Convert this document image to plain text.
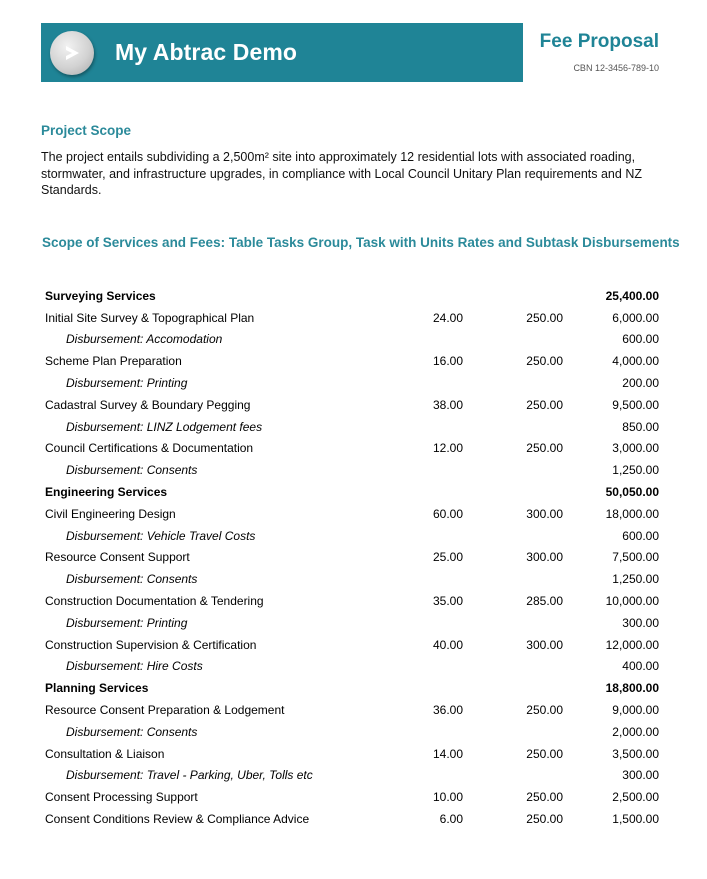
My Abtrac Demo	Fee Proposal
CBN 12-3456-789-10
Project Scope
The project entails subdividing a 2,500m² site into approximately 12 residential lots with associated roading, stormwater, and infrastructure upgrades, in compliance with Local Council Unitary Plan requirements and NZ Standards.
Scope of Services and Fees: Table Tasks Group, Task with Units Rates and Subtask Disbursements
Surveying Services			25,400.00
Initial Site Survey & Topographical Plan	24.00	250.00	6,000.00
Disbursement: Accomodation			600.00
Scheme Plan Preparation	16.00	250.00	4,000.00
Disbursement: Printing			200.00
Cadastral Survey & Boundary Pegging	38.00	250.00	9,500.00
Disbursement: LINZ Lodgement fees			850.00
Council Certifications & Documentation	12.00	250.00	3,000.00
Disbursement: Consents			1,250.00
Engineering Services			50,050.00
Civil Engineering Design	60.00	300.00	18,000.00
Disbursement: Vehicle Travel Costs			600.00
Resource Consent Support	25.00	300.00	7,500.00
Disbursement: Consents			1,250.00
Construction Documentation & Tendering	35.00	285.00	10,000.00
Disbursement: Printing			300.00
Construction Supervision & Certification	40.00	300.00	12,000.00
Disbursement: Hire Costs			400.00
Planning Services			18,800.00
Resource Consent Preparation & Lodgement	36.00	250.00	9,000.00
Disbursement: Consents			2,000.00
Consultation & Liaison	14.00	250.00	3,500.00
Disbursement: Travel - Parking, Uber, Tolls etc			300.00
Consent Processing Support	10.00	250.00	2,500.00
Consent Conditions Review & Compliance Advice	6.00	250.00	1,500.00
